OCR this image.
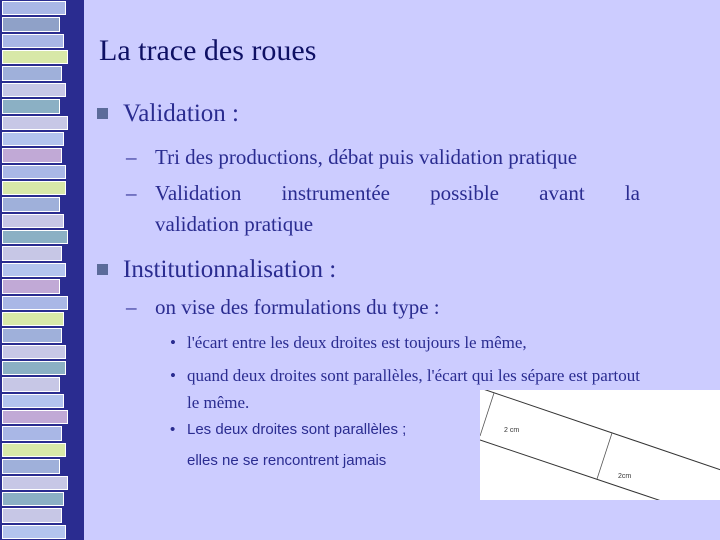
La trace des roues
Validation :
– Tri des productions, débat puis validation pratique
– Validation instrumentée possible avant la
validation pratique
Institutionnalisation :
– on vise des formulations du type :
• l'écart entre les deux droites est toujours le même,
• quand deux droites sont parallèles, l'écart qui les sépare est partout le même.
• Les deux droites sont parallèles ;
elles ne se rencontrent jamais
2 cm
2cm
